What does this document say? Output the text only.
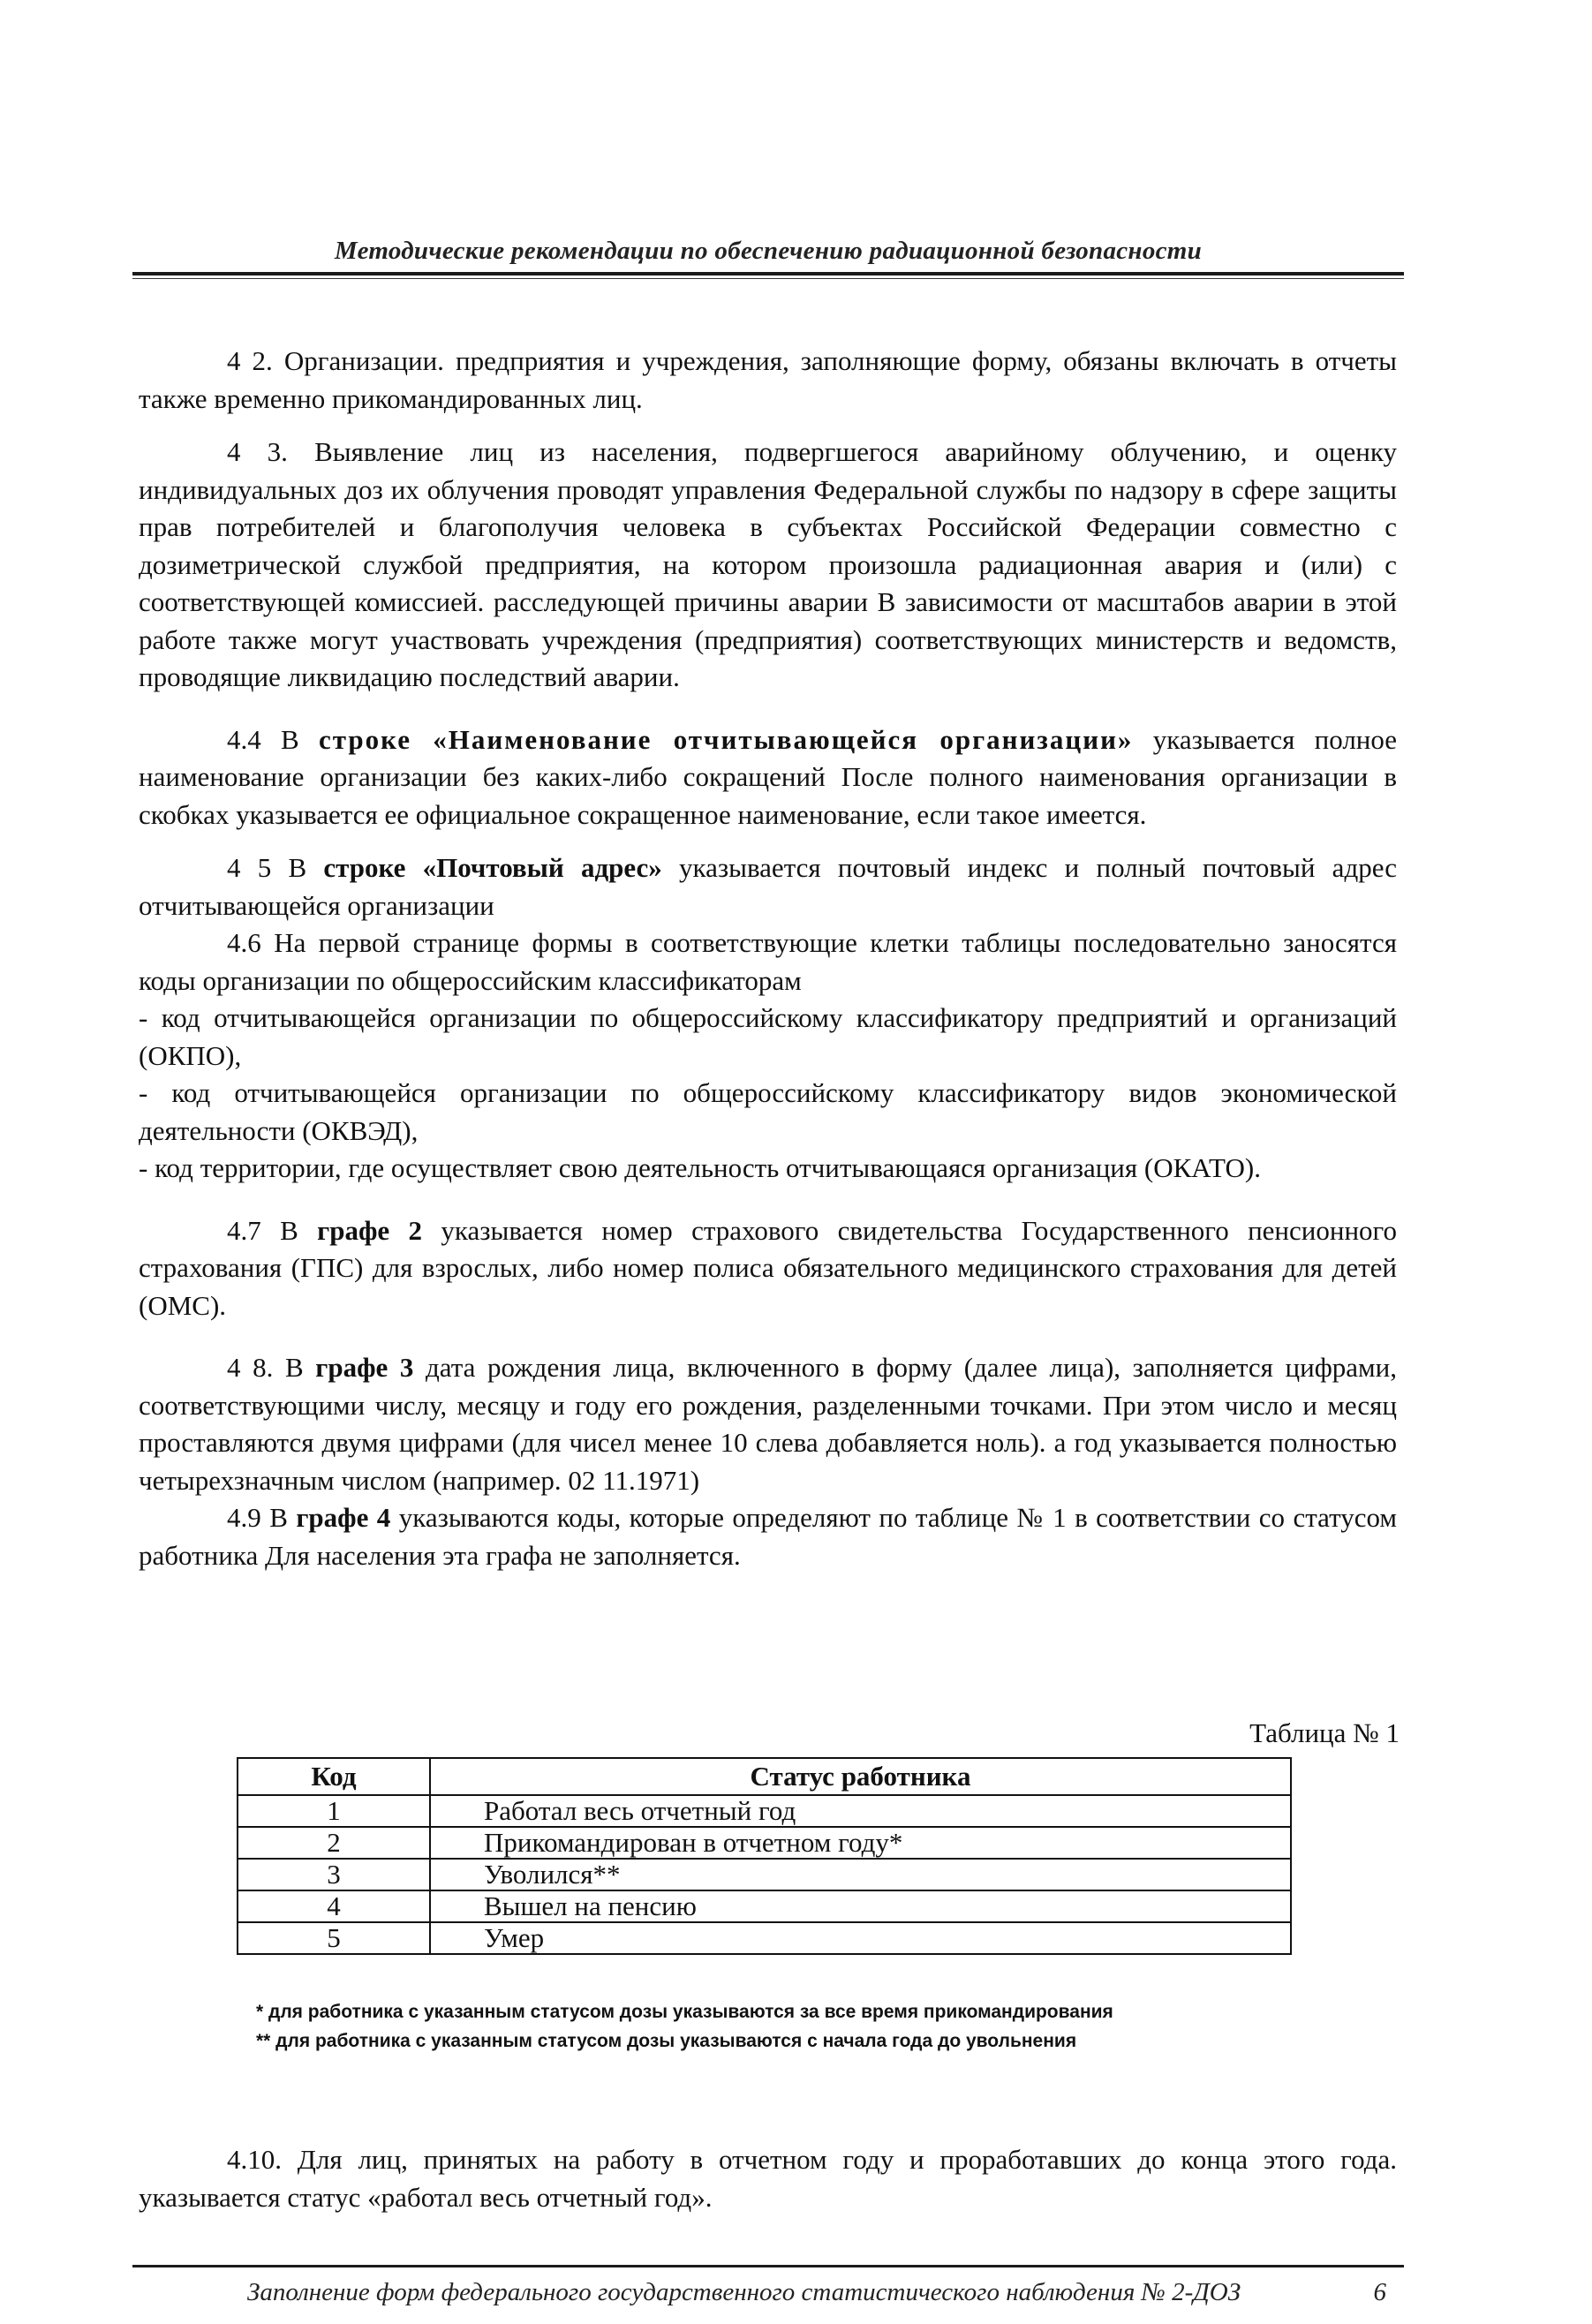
Методические рекомендации по обеспечению радиационной безопасности

4 2. Организации. предприятия и учреждения, заполняющие форму, обязаны включать в отчеты также временно прикомандированных лиц.

4 3. Выявление лиц из населения, подвергшегося аварийному облучению, и оценку индивидуальных доз их облучения проводят управления Федеральной службы по надзору в сфере защиты прав потребителей и благополучия человека в субъектах Российской Федерации совместно с дозиметрической службой предприятия, на котором произошла радиационная авария и (или) с соответствующей комиссией. расследующей причины аварии В зависимости от масштабов аварии в этой работе также могут участвовать учреждения (предприятия) соответствующих министерств и ведомств, проводящие ликвидацию последствий аварии.

4.4 В строке «Наименование отчитывающейся организации» указывается полное наименование организации без каких-либо сокращений После полного наименования организации в скобках указывается ее официальное сокращенное наименование, если такое имеется.

4 5 В строке «Почтовый адрес» указывается почтовый индекс и полный почтовый адрес отчитывающейся организации

4.6 На первой странице формы в соответствующие клетки таблицы последовательно заносятся коды организации по общероссийским классификаторам

- код отчитывающейся организации по общероссийскому классификатору предприятий и организаций (ОКПО),

- код отчитывающейся организации по общероссийскому классификатору видов экономической деятельности (ОКВЭД),

- код территории, где осуществляет свою деятельность отчитывающаяся организация (ОКАТО).

4.7 В графе 2 указывается номер страхового свидетельства Государственного пенсионного страхования (ГПС) для взрослых, либо номер полиса обязательного медицинского страхования для детей (ОМС).

4 8. В графе 3 дата рождения лица, включенного в форму (далее лица), заполняется цифрами, соответствующими числу, месяцу и году его рождения, разделенными точками. При этом число и месяц проставляются двумя цифрами (для чисел менее 10 слева добавляется ноль). а год указывается полностью четырехзначным числом (например. 02 11.1971)

4.9 В графе 4 указываются коды, которые определяют по таблице № 1 в соответствии со статусом работника Для населения эта графа не заполняется.

Таблица № 1
Код	Статус работника
1	Работал весь отчетный год
2	Прикомандирован в отчетном году*
3	Уволился**
4	Вышел на пенсию
5	Умер
* для работника с указанным статусом дозы указываются за все время прикомандирования
** для работника с указанным статусом дозы указываются с начала года до увольнения

4.10. Для лиц, принятых на работу в отчетном году и проработавших до конца этого года. указывается статус «работал весь отчетный год».

Заполнение форм федерального государственного статистического наблюдения № 2-ДОЗ	6
